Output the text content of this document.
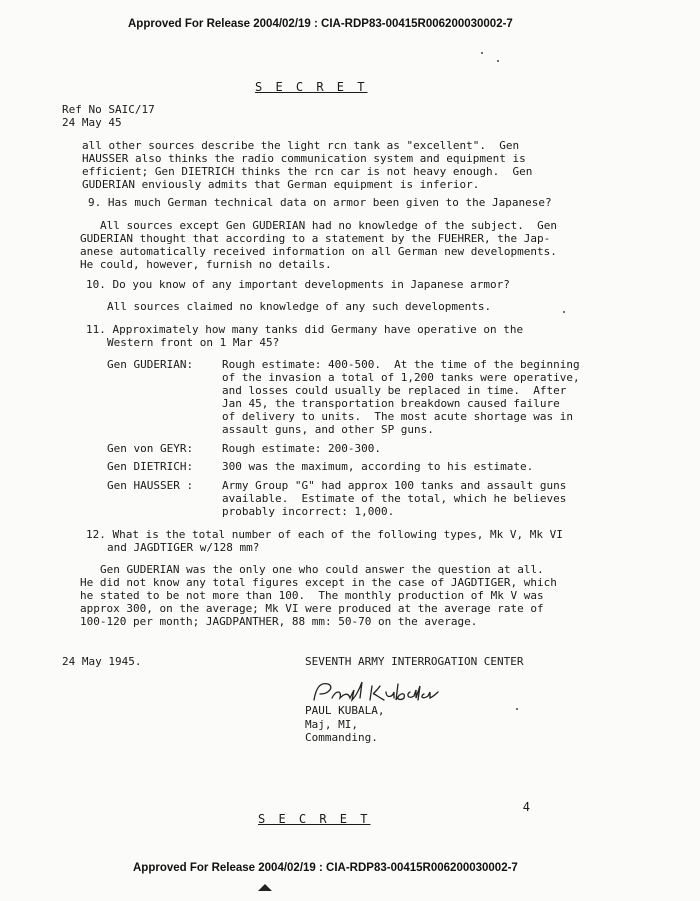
Approved For Release 2004/02/19 : CIA-RDP83-00415R006200030002-7
S E C R E T
Ref No SAIC/17
24 May 45
all other sources describe the light rcn tank as "excellent".  Gen
HAUSSER also thinks the radio communication system and equipment is
efficient; Gen DIETRICH thinks the rcn car is not heavy enough.  Gen
GUDERIAN enviously admits that German equipment is inferior.
9. Has much German technical data on armor been given to the Japanese?
All sources except Gen GUDERIAN had no knowledge of the subject.  Gen
GUDERIAN thought that according to a statement by the FUEHRER, the Jap-
anese automatically received information on all German new developments.
He could, however, furnish no details.
10. Do you know of any important developments in Japanese armor?
All sources claimed no knowledge of any such developments.
11. Approximately how many tanks did Germany have operative on the
Western front on 1 Mar 45?
Gen GUDERIAN:	Rough estimate: 400-500.  At the time of the beginning
of the invasion a total of 1,200 tanks were operative,
and losses could usually be replaced in time.  After
Jan 45, the transportation breakdown caused failure
of delivery to units.  The most acute shortage was in
assault guns, and other SP guns.
Gen von GEYR:	Rough estimate: 200-300.
Gen DIETRICH:	300 was the maximum, according to his estimate.
Gen HAUSSER :	Army Group "G" had approx 100 tanks and assault guns
available.  Estimate of the total, which he believes
probably incorrect: 1,000.
12. What is the total number of each of the following types, Mk V, Mk VI
and JAGDTIGER w/128 mm?
Gen GUDERIAN was the only one who could answer the question at all.
He did not know any total figures except in the case of JAGDTIGER, which
he stated to be not more than 100.  The monthly production of Mk V was
approx 300, on the average; Mk VI were produced at the average rate of
100-120 per month; JAGDPANTHER, 88 mm: 50-70 on the average.
24 May 1945.	SEVENTH ARMY INTERROGATION CENTER
PAUL KUBALA,
Maj, MI,
Commanding.
4
S E C R E T
Approved For Release 2004/02/19 : CIA-RDP83-00415R006200030002-7
